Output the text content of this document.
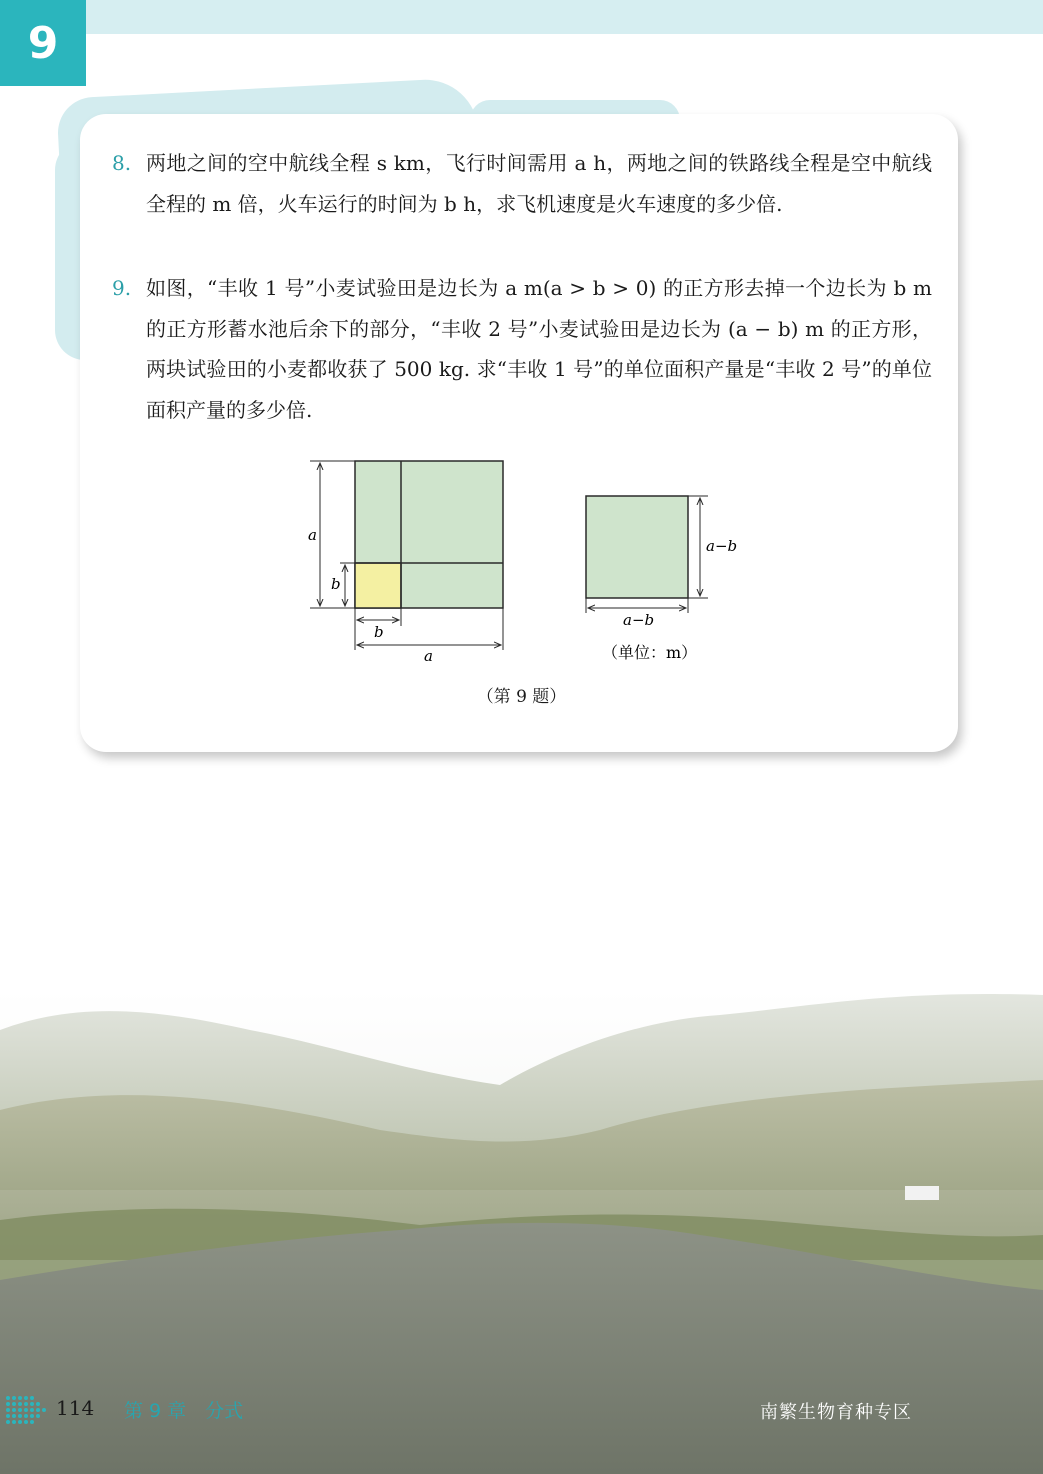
9
8. 两地之间的空中航线全程 s km，飞行时间需用 a h，两地之间的铁路线全程是空中航线全程的 m 倍，火车运行的时间为 b h，求飞机速度是火车速度的多少倍.
9. 如图，“丰收 1 号”小麦试验田是边长为 a m(a > b > 0) 的正方形去掉一个边长为 b m 的正方形蓄水池后余下的部分，“丰收 2 号”小麦试验田是边长为 (a − b) m 的正方形，两块试验田的小麦都收获了 500 kg. 求“丰收 1 号”的单位面积产量是“丰收 2 号”的单位面积产量的多少倍.
a
b
b
a
a−b
a−b
（单位：m）
（第 9 题）
114 第 9 章　分式	南繁生物育种专区
